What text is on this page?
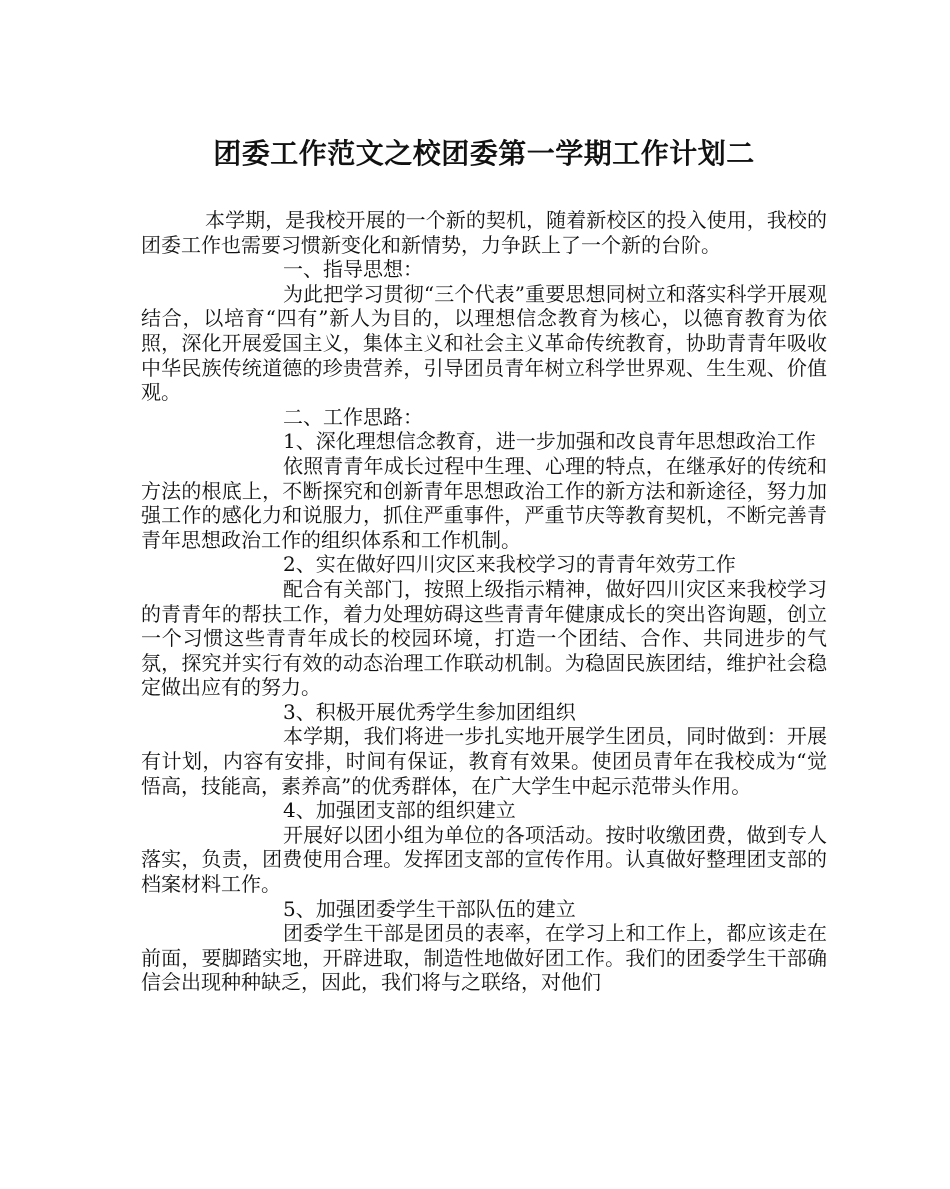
团委工作范文之校团委第一学期工作计划二

本学期，是我校开展的一个新的契机，随着新校区的投入使用，我校的团委工作也需要习惯新变化和新情势，力争跃上了一个新的台阶。

一、指导思想：

为此把学习贯彻“三个代表”重要思想同树立和落实科学开展观结合，以培育“四有”新人为目的，以理想信念教育为核心，以德育教育为依照，深化开展爱国主义，集体主义和社会主义革命传统教育，协助青青年吸收中华民族传统道德的珍贵营养，引导团员青年树立科学世界观、生生观、价值观。

二、工作思路：

1、深化理想信念教育，进一步加强和改良青年思想政治工作

依照青青年成长过程中生理、心理的特点，在继承好的传统和方法的根底上，不断探究和创新青年思想政治工作的新方法和新途径，努力加强工作的感化力和说服力，抓住严重事件，严重节庆等教育契机，不断完善青青年思想政治工作的组织体系和工作机制。

2、实在做好四川灾区来我校学习的青青年效劳工作

配合有关部门，按照上级指示精神，做好四川灾区来我校学习的青青年的帮扶工作，着力处理妨碍这些青青年健康成长的突出咨询题，创立一个习惯这些青青年成长的校园环境，打造一个团结、合作、共同进步的气氛，探究并实行有效的动态治理工作联动机制。为稳固民族团结，维护社会稳定做出应有的努力。

3、积极开展优秀学生参加团组织

本学期，我们将进一步扎实地开展学生团员，同时做到：开展有计划，内容有安排，时间有保证，教育有效果。使团员青年在我校成为“觉悟高，技能高，素养高”的优秀群体，在广大学生中起示范带头作用。

4、加强团支部的组织建立

开展好以团小组为单位的各项活动。按时收缴团费，做到专人落实，负责，团费使用合理。发挥团支部的宣传作用。认真做好整理团支部的档案材料工作。

5、加强团委学生干部队伍的建立

团委学生干部是团员的表率，在学习上和工作上，都应该走在前面，要脚踏实地，开辟进取，制造性地做好团工作。我们的团委学生干部确信会出现种种缺乏，因此，我们将与之联络，对他们
